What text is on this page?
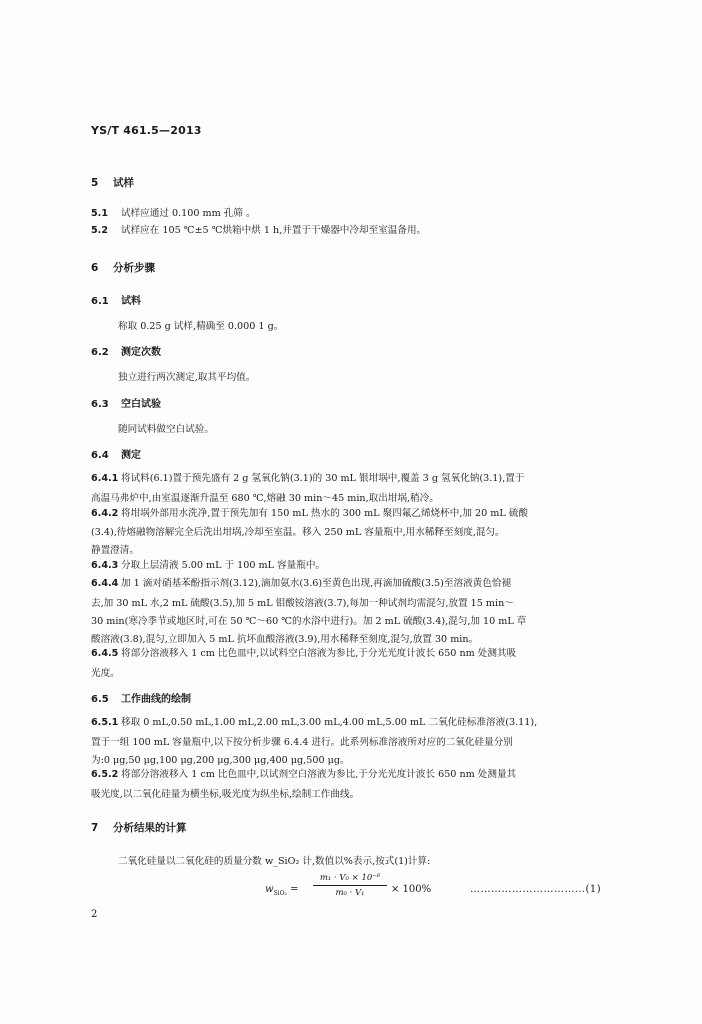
YS/T 461.5—2013
5 试样
5.1 试样应通过 0.100 mm 孔筛 。
5.2 试样应在 105 ℃±5 ℃烘箱中烘 1 h,并置于干燥器中冷却至室温备用。
6 分析步骤
6.1 试料
称取 0.25 g 试样,精确至 0.000 1 g。
6.2 测定次数
独立进行两次测定,取其平均值。
6.3 空白试验
随同试料做空白试验。
6.4 测定
6.4.1 将试料(6.1)置于预先盛有 2 g 氢氧化钠(3.1)的 30 mL 银坩埚中,覆盖 3 g 氢氧化钠(3.1),置于
高温马弗炉中,由室温逐渐升温至 680 ℃,熔融 30 min～45 min,取出坩埚,稍冷。
6.4.2 将坩埚外部用水洗净,置于预先加有 150 mL 热水的 300 mL 聚四氟乙烯烧杯中,加 20 mL 硫酸
(3.4),待熔融物溶解完全后洗出坩埚,冷却至室温。移入 250 mL 容量瓶中,用水稀释至刻度,混匀。
静置澄清。
6.4.3 分取上层清液 5.00 mL 于 100 mL 容量瓶中。
6.4.4 加 1 滴对硝基苯酚指示剂(3.12),滴加氨水(3.6)至黄色出现,再滴加硫酸(3.5)至溶液黄色恰褪
去,加 30 mL 水,2 mL 硫酸(3.5),加 5 mL 钼酸铵溶液(3.7),每加一种试剂均需混匀,放置 15 min～
30 min(寒冷季节或地区时,可在 50 ℃～60 ℃的水浴中进行)。加 2 mL 硫酸(3.4),混匀,加 10 mL 草
酸溶液(3.8),混匀,立即加入 5 mL 抗坏血酸溶液(3.9),用水稀释至刻度,混匀,放置 30 min。
6.4.5 将部分溶液移入 1 cm 比色皿中,以试料空白溶液为参比,于分光光度计波长 650 nm 处测其吸
光度。
6.5 工作曲线的绘制
6.5.1 移取 0 mL,0.50 mL,1.00 mL,2.00 mL,3.00 mL,4.00 mL,5.00 mL 二氧化硅标准溶液(3.11),
置于一组 100 mL 容量瓶中,以下按分析步骤 6.4.4 进行。此系列标准溶液所对应的二氧化硅量分别
为:0 μg,50 μg,100 μg,200 μg,300 μg,400 μg,500 μg。
6.5.2 将部分溶液移入 1 cm 比色皿中,以试剂空白溶液为参比,于分光光度计波长 650 nm 处测量其
吸光度,以二氧化硅量为横坐标,吸光度为纵坐标,绘制工作曲线。
7 分析结果的计算
二氧化硅量以二氧化硅的质量分数 w_SiO₂ 计,数值以%表示,按式(1)计算:
$w_{SiO_2} = \frac{\text{m₁ · V₀ × 10⁻⁶}}{\text{m₀ · V₁}} \times 100\%$	……………………………(1)
2
